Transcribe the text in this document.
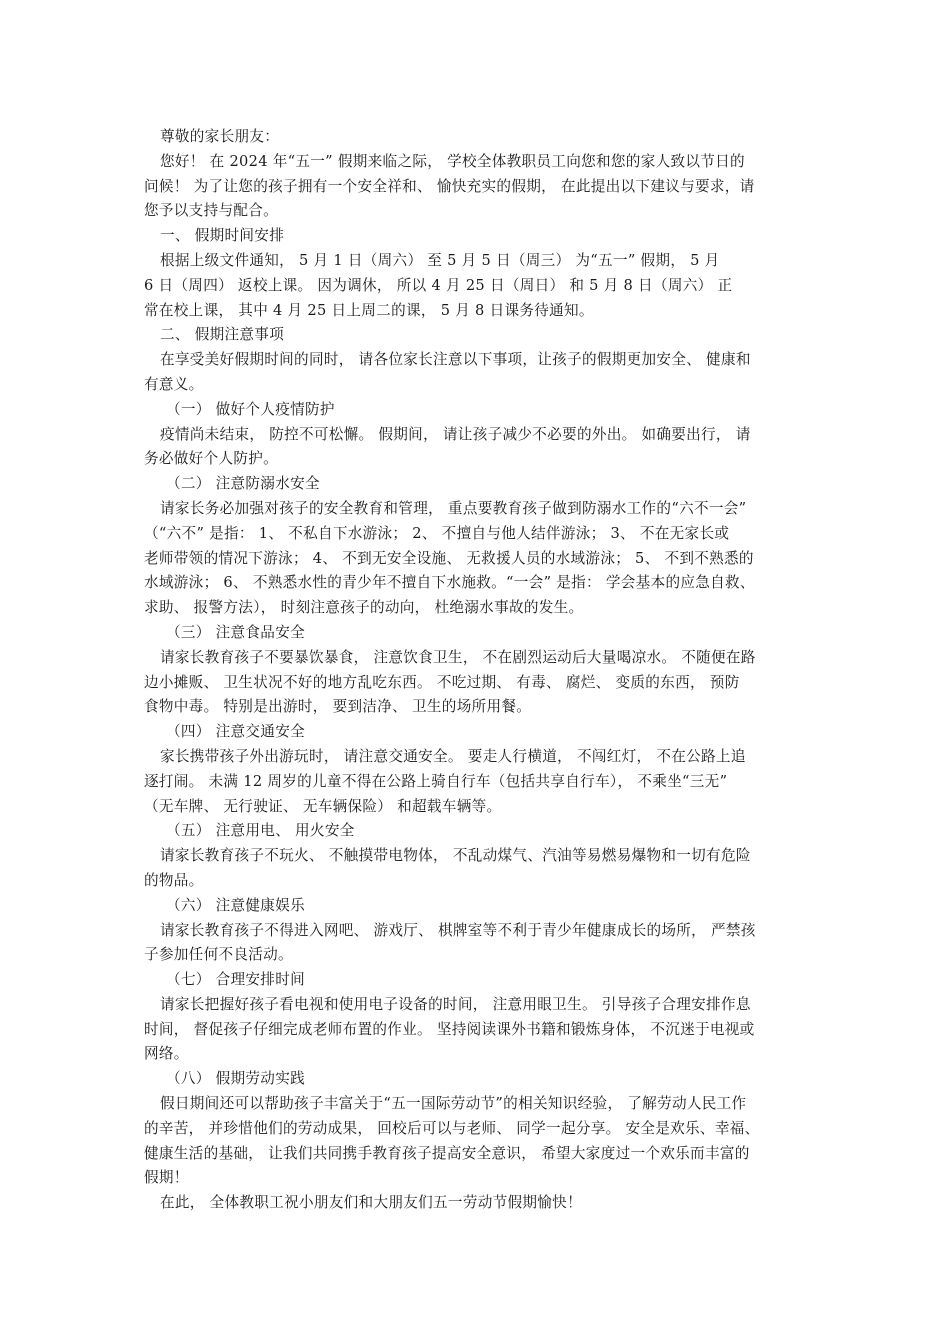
尊敬的家长朋友：
您好！ 在 2024 年“五一” 假期来临之际， 学校全体教职员工向您和您的家人致以节日的
问候！ 为了让您的孩子拥有一个安全祥和、 愉快充实的假期， 在此提出以下建议与要求，请
您予以支持与配合。
一、 假期时间安排
根据上级文件通知， 5 月 1 日（周六） 至 5 月 5 日（周三） 为“五一” 假期， 5 月
6 日（周四） 返校上课。 因为调休， 所以 4 月 25 日（周日） 和 5 月 8 日（周六） 正
常在校上课， 其中 4 月 25 日上周二的课， 5 月 8 日课务待通知。
二、 假期注意事项
在享受美好假期时间的同时， 请各位家长注意以下事项，让孩子的假期更加安全、 健康和
有意义。
（一） 做好个人疫情防护
疫情尚未结束， 防控不可松懈。 假期间， 请让孩子减少不必要的外出。 如确要出行， 请
务必做好个人防护。
（二） 注意防溺水安全
请家长务必加强对孩子的安全教育和管理， 重点要教育孩子做到防溺水工作的“六不一会”
（“六不” 是指： 1、 不私自下水游泳； 2、 不擅自与他人结伴游泳； 3、 不在无家长或
老师带领的情况下游泳； 4、 不到无安全设施、 无救援人员的水域游泳； 5、 不到不熟悉的
水域游泳； 6、 不熟悉水性的青少年不擅自下水施救。“一会” 是指： 学会基本的应急自救、
求助、 报警方法）， 时刻注意孩子的动向， 杜绝溺水事故的发生。
（三） 注意食品安全
请家长教育孩子不要暴饮暴食， 注意饮食卫生， 不在剧烈运动后大量喝凉水。 不随便在路
边小摊贩、 卫生状况不好的地方乱吃东西。 不吃过期、 有毒、 腐烂、 变质的东西， 预防
食物中毒。 特别是出游时， 要到洁净、 卫生的场所用餐。
（四） 注意交通安全
家长携带孩子外出游玩时， 请注意交通安全。 要走人行横道， 不闯红灯， 不在公路上追
逐打闹。 未满 12 周岁的儿童不得在公路上骑自行车（包括共享自行车）， 不乘坐“三无”
（无车牌、 无行驶证、 无车辆保险） 和超载车辆等。
（五） 注意用电、 用火安全
请家长教育孩子不玩火、 不触摸带电物体， 不乱动煤气、汽油等易燃易爆物和一切有危险
的物品。
（六） 注意健康娱乐
请家长教育孩子不得进入网吧、 游戏厅、 棋牌室等不利于青少年健康成长的场所， 严禁孩
子参加任何不良活动。
（七） 合理安排时间
请家长把握好孩子看电视和使用电子设备的时间， 注意用眼卫生。 引导孩子合理安排作息
时间， 督促孩子仔细完成老师布置的作业。 坚持阅读课外书籍和锻炼身体， 不沉迷于电视或
网络。
（八） 假期劳动实践
假日期间还可以帮助孩子丰富关于“五一国际劳动节”的相关知识经验， 了解劳动人民工作
的辛苦， 并珍惜他们的劳动成果， 回校后可以与老师、 同学一起分享。 安全是欢乐、幸福、
健康生活的基础， 让我们共同携手教育孩子提高安全意识， 希望大家度过一个欢乐而丰富的
假期！
在此， 全体教职工祝小朋友们和大朋友们五一劳动节假期愉快！
